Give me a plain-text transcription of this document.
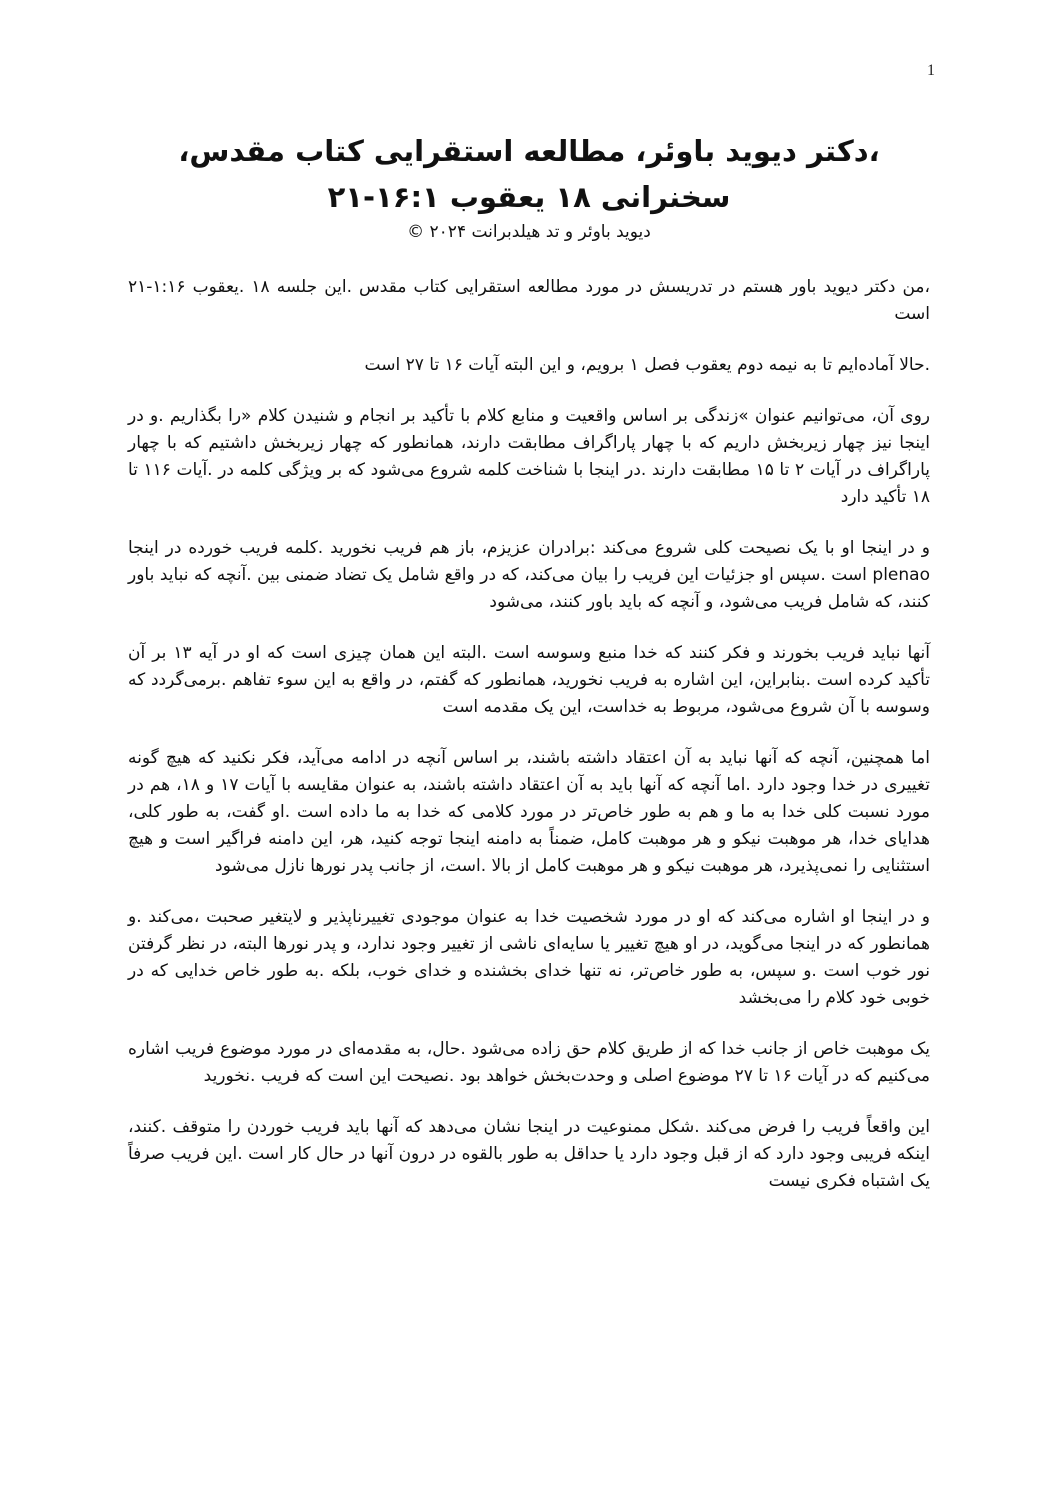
1
،دکتر دیوید باوئر، مطالعه استقرایی کتاب مقدس، سخنرانی ۱۸ یعقوب ۱۶:۱-۲۱
دیوید باوئر و تد هیلدبرانت ۲۰۲۴ ©

،من دکتر دیوید باور هستم در تدریسش در مورد مطالعه استقرایی کتاب مقدس .این جلسه ۱۸ .یعقوب ۱:۱۶-۲۱ است

.حالا آماده‌ایم تا به نیمه دوم یعقوب فصل ۱ برویم، و این البته آیات ۱۶ تا ۲۷ است

روی آن، می‌توانیم عنوان »زندگی بر اساس واقعیت و منابع کلام با تأکید بر انجام و شنیدن کلام «را بگذاریم .و در اینجا نیز چهار زیربخش داریم که با چهار پاراگراف مطابقت دارند، همانطور که چهار زیربخش داشتیم که با چهار پاراگراف در آیات ۲ تا ۱۵ مطابقت دارند .در اینجا با شناخت کلمه شروع می‌شود که بر ویژگی کلمه در .آیات ۱۱۶ تا ۱۸ تأکید دارد

و در اینجا او با یک نصیحت کلی شروع می‌کند :برادران عزیزم، باز هم فریب نخورید .کلمه فریب خورده در اینجا plenao است .سپس او جزئیات این فریب را بیان می‌کند، که در واقع شامل یک تضاد ضمنی بین .آنچه که نباید باور کنند، که شامل فریب می‌شود، و آنچه که باید باور کنند، می‌شود

آنها نباید فریب بخورند و فکر کنند که خدا منبع وسوسه است .البته این همان چیزی است که او در آیه ۱۳ بر آن تأکید کرده است .بنابراین، این اشاره به فریب نخورید، همانطور که گفتم، در واقع به این سوء تفاهم .برمی‌گردد که وسوسه با آن شروع می‌شود، مربوط به خداست، این یک مقدمه است

اما همچنین، آنچه که آنها نباید به آن اعتقاد داشته باشند، بر اساس آنچه در ادامه می‌آید، فکر نکنید که هیچ گونه تغییری در خدا وجود دارد .اما آنچه که آنها باید به آن اعتقاد داشته باشند، به عنوان مقایسه با آیات ۱۷ و ۱۸، هم در مورد نسبت کلی خدا به ما و هم به طور خاص‌تر در مورد کلامی که خدا به ما داده است .او گفت، به طور کلی، هدایای خدا، هر موهبت نیکو و هر موهبت کامل، ضمناً به دامنه اینجا توجه کنید، هر، این دامنه فراگیر است و هیچ استثنایی را نمی‌پذیرد، هر موهبت نیکو و هر موهبت کامل از بالا .است، از جانب پدر نورها نازل می‌شود

و در اینجا او اشاره می‌کند که او در مورد شخصیت خدا به عنوان موجودی تغییرناپذیر و لایتغیر صحبت ،می‌کند .و همانطور که در اینجا می‌گوید، در او هیچ تغییر یا سایه‌ای ناشی از تغییر وجود ندارد، و پدر نورها البته، در نظر گرفتن نور خوب است .و سپس، به طور خاص‌تر، نه تنها خدای بخشنده و خدای خوب، بلکه .به طور خاص خدایی که در خوبی خود کلام را می‌بخشد

یک موهبت خاص از جانب خدا که از طریق کلام حق زاده می‌شود .حال، به مقدمه‌ای در مورد موضوع فریب اشاره می‌کنیم که در آیات ۱۶ تا ۲۷ موضوع اصلی و وحدت‌بخش خواهد بود .نصیحت این است که فریب .نخورید

این واقعاً فریب را فرض می‌کند .شکل ممنوعیت در اینجا نشان می‌دهد که آنها باید فریب خوردن را متوقف .کنند، اینکه فریبی وجود دارد که از قبل وجود دارد یا حداقل به طور بالقوه در درون آنها در حال کار است .این فریب صرفاً یک اشتباه فکری نیست
